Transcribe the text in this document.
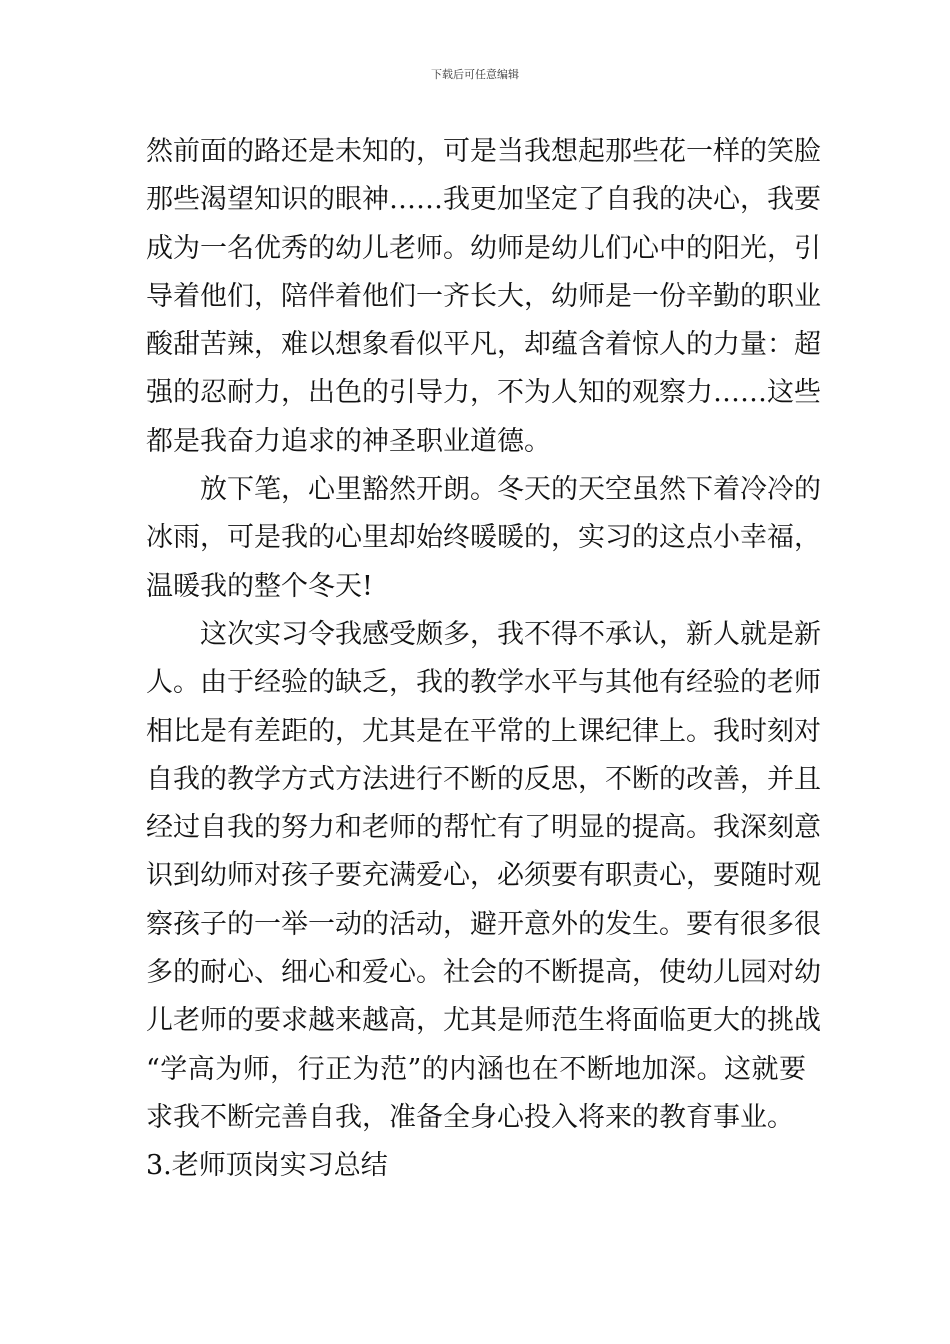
下载后可任意编辑
然前面的路还是未知的，可是当我想起那些花一样的笑脸
那些渴望知识的眼神……我更加坚定了自我的决心，我要
成为一名优秀的幼儿老师。幼师是幼儿们心中的阳光，引
导着他们，陪伴着他们一齐长大，幼师是一份辛勤的职业
酸甜苦辣，难以想象看似平凡，却蕴含着惊人的力量：超
强的忍耐力，出色的引导力，不为人知的观察力……这些
都是我奋力追求的神圣职业道德。
放下笔，心里豁然开朗。冬天的天空虽然下着冷冷的
冰雨，可是我的心里却始终暖暖的，实习的这点小幸福，
温暖我的整个冬天!
这次实习令我感受颇多，我不得不承认，新人就是新
人。由于经验的缺乏，我的教学水平与其他有经验的老师
相比是有差距的，尤其是在平常的上课纪律上。我时刻对
自我的教学方式方法进行不断的反思，不断的改善，并且
经过自我的努力和老师的帮忙有了明显的提高。我深刻意
识到幼师对孩子要充满爱心，必须要有职责心，要随时观
察孩子的一举一动的活动，避开意外的发生。要有很多很
多的耐心、细心和爱心。社会的不断提高，使幼儿园对幼
儿老师的要求越来越高，尤其是师范生将面临更大的挑战
“学高为师，行正为范”的内涵也在不断地加深。这就要
求我不断完善自我，准备全身心投入将来的教育事业。
3.老师顶岗实习总结
